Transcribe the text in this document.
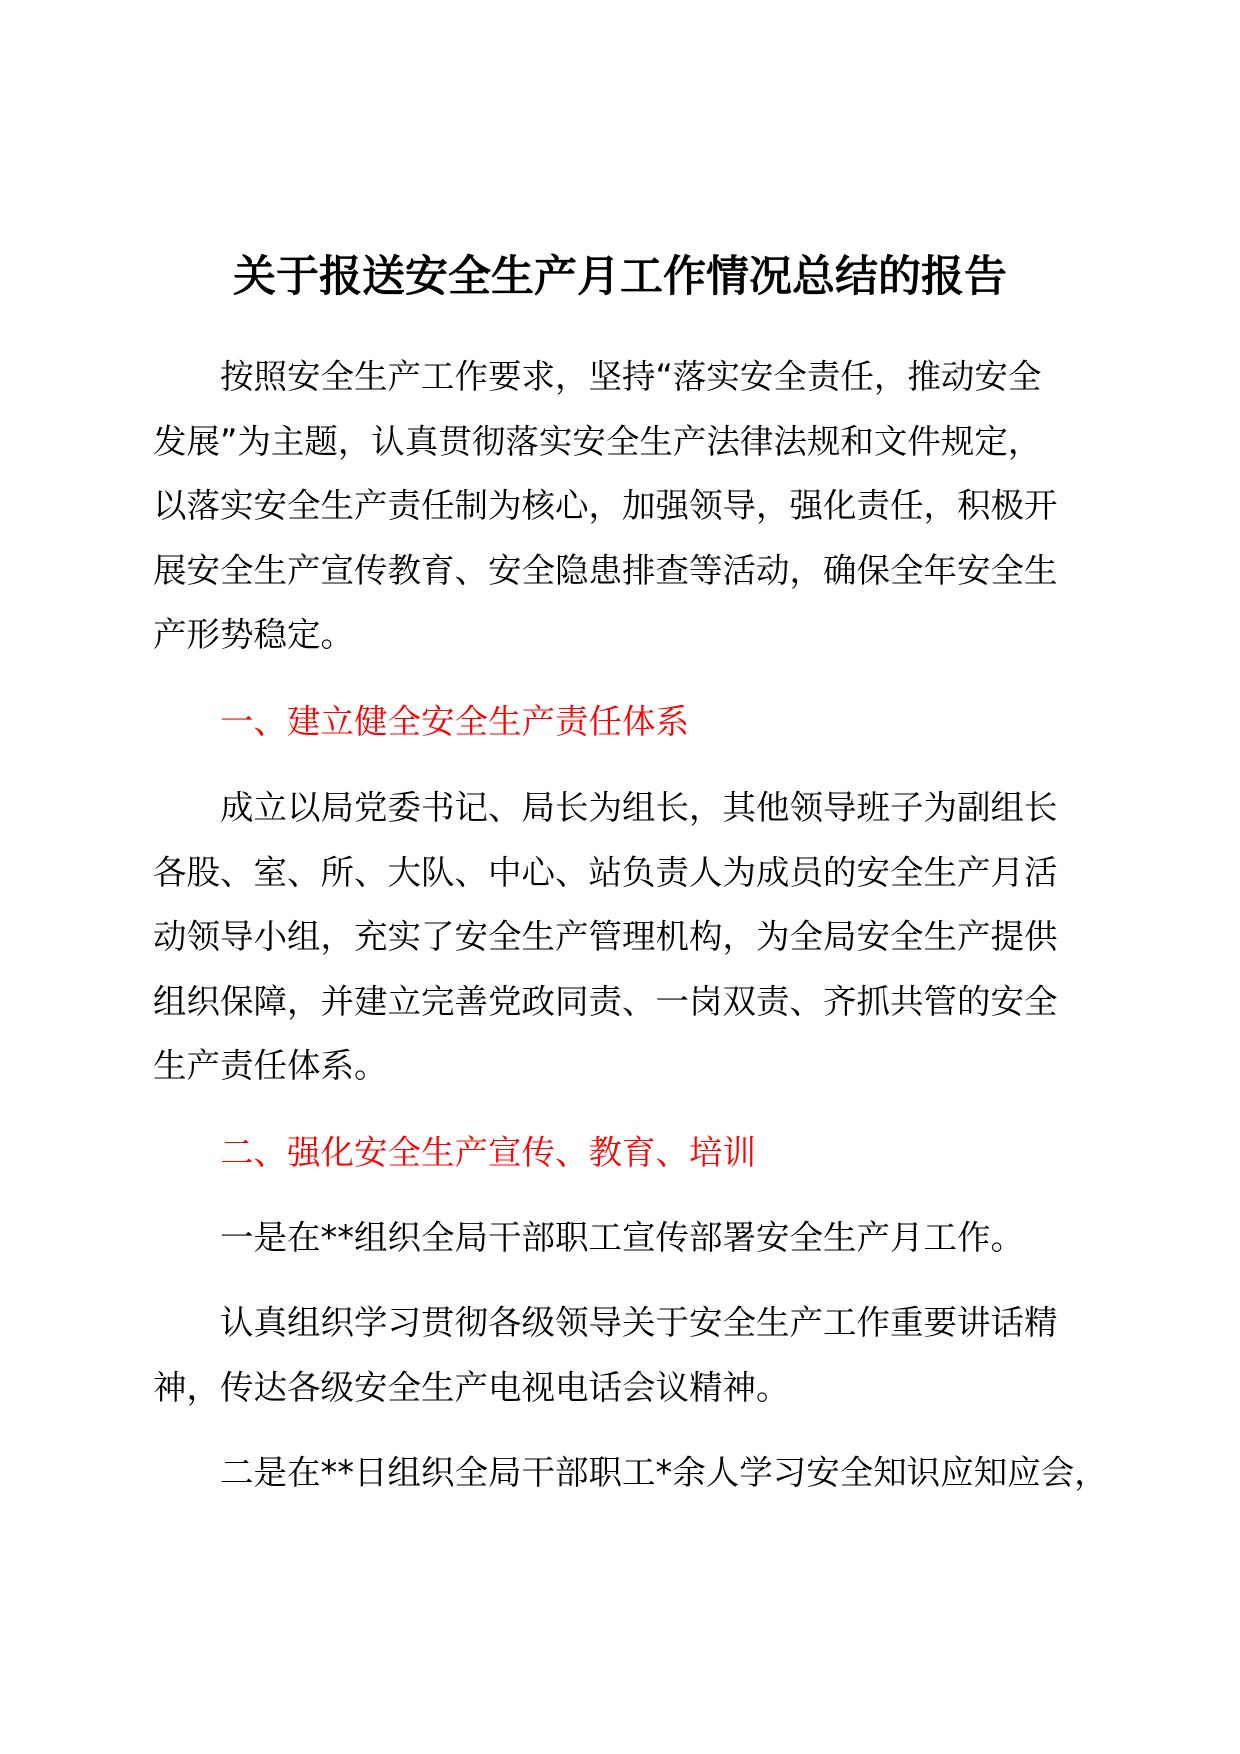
关于报送安全生产月工作情况总结的报告
按照安全生产工作要求，坚持“落实安全责任，推动安全
发展”为主题，认真贯彻落实安全生产法律法规和文件规定，
以落实安全生产责任制为核心，加强领导，强化责任，积极开
展安全生产宣传教育、安全隐患排查等活动，确保全年安全生
产形势稳定。
一、建立健全安全生产责任体系
成立以局党委书记、局长为组长，其他领导班子为副组长
各股、室、所、大队、中心、站负责人为成员的安全生产月活
动领导小组，充实了安全生产管理机构，为全局安全生产提供
组织保障，并建立完善党政同责、一岗双责、齐抓共管的安全
生产责任体系。
二、强化安全生产宣传、教育、培训
一是在**组织全局干部职工宣传部署安全生产月工作。
认真组织学习贯彻各级领导关于安全生产工作重要讲话精
神，传达各级安全生产电视电话会议精神。
二是在**日组织全局干部职工*余人学习安全知识应知应会，
